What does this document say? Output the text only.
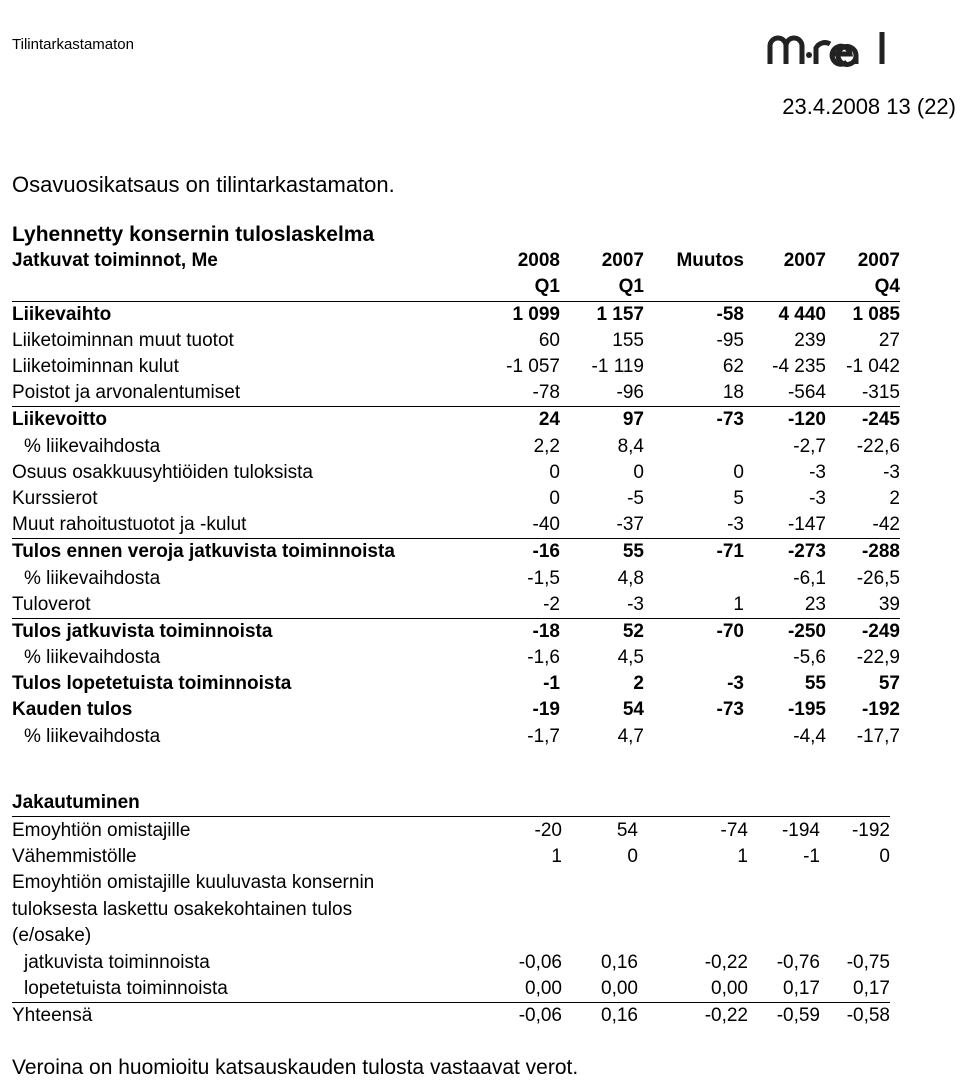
Tilintarkastamaton
23.4.2008 13 (22)
Osavuosikatsaus on tilintarkastamaton.
Lyhennetty konsernin tuloslaskelma					
Jatkuvat toiminnot, Me	2008	2007	Muutos	2007	2007
	Q1	Q1			Q4
Liikevaihto	1 099	1 157	-58	4 440	1 085
Liiketoiminnan muut tuotot	60	155	-95	239	27
Liiketoiminnan kulut	-1 057	-1 119	62	-4 235	-1 042
Poistot ja arvonalentumiset	-78	-96	18	-564	-315
Liikevoitto	24	97	-73	-120	-245
% liikevaihdosta	2,2	8,4		-2,7	-22,6
Osuus osakkuusyhtiöiden tuloksista	0	0	0	-3	-3
Kurssierot	0	-5	5	-3	2
Muut rahoitustuotot ja -kulut	-40	-37	-3	-147	-42
Tulos ennen veroja jatkuvista toiminnoista	-16	55	-71	-273	-288
% liikevaihdosta	-1,5	4,8		-6,1	-26,5
Tuloverot	-2	-3	1	23	39
Tulos jatkuvista toiminnoista	-18	52	-70	-250	-249
% liikevaihdosta	-1,6	4,5		-5,6	-22,9
Tulos lopetetuista toiminnoista	-1	2	-3	55	57
Kauden tulos	-19	54	-73	-195	-192
% liikevaihdosta	-1,7	4,7		-4,4	-17,7
Jakautuminen					
Emoyhtiön omistajille	-20	54	-74	-194	-192
Vähemmistölle	1	0	1	-1	0
Emoyhtiön omistajille kuuluvasta konsernin					
tuloksesta laskettu osakekohtainen tulos					
(e/osake)					
jatkuvista toiminnoista	-0,06	0,16	-0,22	-0,76	-0,75
lopetetuista toiminnoista	0,00	0,00	0,00	0,17	0,17
Yhteensä	-0,06	0,16	-0,22	-0,59	-0,58
Veroina on huomioitu katsauskauden tulosta vastaavat verot.
